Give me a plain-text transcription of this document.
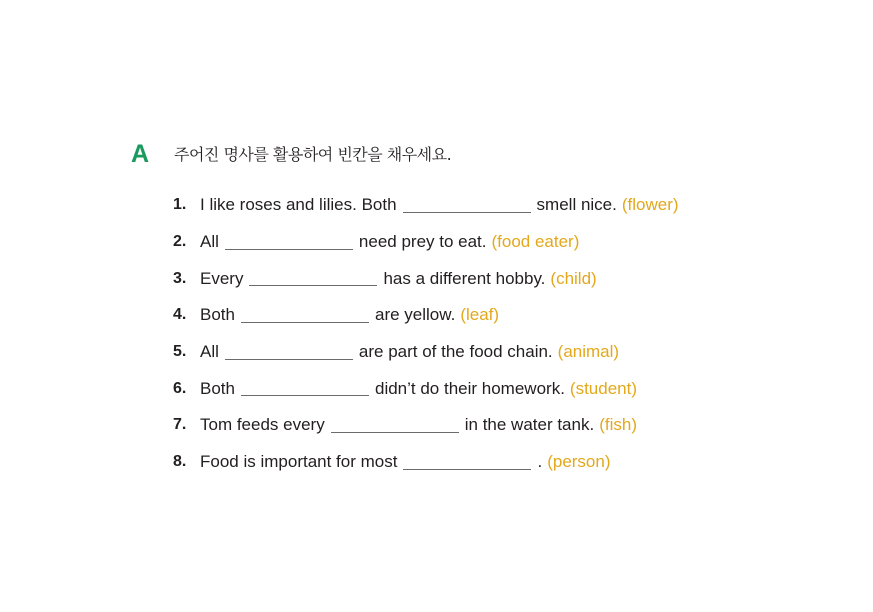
A 주어진 명사를 활용하여 빈칸을 채우세요.
1. I like roses and lilies. Both	smell nice. (flower)
2. All	need prey to eat. (food eater)
3. Every	has a different hobby. (child)
4. Both	are yellow. (leaf)
5. All	are part of the food chain. (animal)
6. Both	didn’t do their homework. (student)
7. Tom feeds every	in the water tank. (fish)
8. Food is important for most	. (person)
